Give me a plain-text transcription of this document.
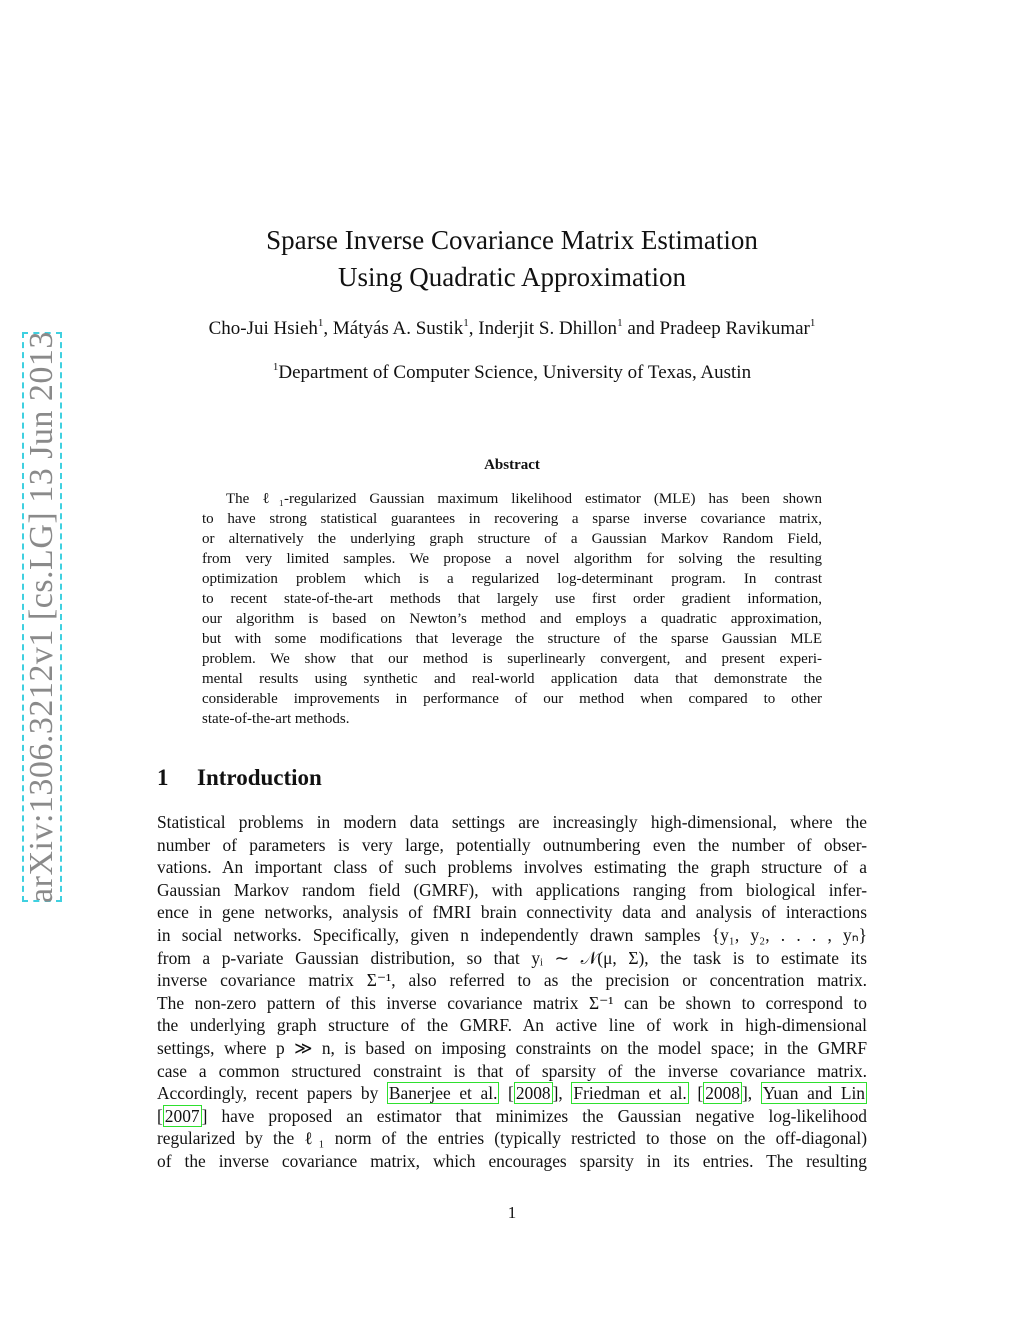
arXiv:1306.3212v1 [cs.LG] 13 Jun 2013
Sparse Inverse Covariance Matrix Estimation
Using Quadratic Approximation
Cho-Jui Hsieh$^1$, Mátyás A. Sustik$^1$, Inderjit S. Dhillon$^1$ and Pradeep Ravikumar$^1$
$^1$Department of Computer Science, University of Texas, Austin
Abstract
The ℓ₁-regularized Gaussian maximum likelihood estimator (MLE) has been shown
to have strong statistical guarantees in recovering a sparse inverse covariance matrix,
or alternatively the underlying graph structure of a Gaussian Markov Random Field,
from very limited samples. We propose a novel algorithm for solving the resulting
optimization problem which is a regularized log-determinant program. In contrast
to recent state-of-the-art methods that largely use first order gradient information,
our algorithm is based on Newton’s method and employs a quadratic approximation,
but with some modifications that leverage the structure of the sparse Gaussian MLE
problem. We show that our method is superlinearly convergent, and present experi-
mental results using synthetic and real-world application data that demonstrate the
considerable improvements in performance of our method when compared to other
state-of-the-art methods.
1 Introduction
Statistical problems in modern data settings are increasingly high-dimensional, where the
number of parameters is very large, potentially outnumbering even the number of obser-
vations. An important class of such problems involves estimating the graph structure of a
Gaussian Markov random field (GMRF), with applications ranging from biological infer-
ence in gene networks, analysis of fMRI brain connectivity data and analysis of interactions
in social networks. Specifically, given n independently drawn samples {y₁, y₂, . . . , yₙ}
from a p-variate Gaussian distribution, so that yᵢ ∼ 𝒩(μ, Σ), the task is to estimate its
inverse covariance matrix Σ⁻¹, also referred to as the precision or concentration matrix.
The non-zero pattern of this inverse covariance matrix Σ⁻¹ can be shown to correspond to
the underlying graph structure of the GMRF. An active line of work in high-dimensional
settings, where p ≫ n, is based on imposing constraints on the model space; in the GMRF
case a common structured constraint is that of sparsity of the inverse covariance matrix.
Accordingly, recent papers by Banerjee et al. [ 2008 ], Friedman et al. [ 2008 ], Yuan and Lin
[ 2007 ] have proposed an estimator that minimizes the Gaussian negative log-likelihood
regularized by the ℓ₁ norm of the entries (typically restricted to those on the off-diagonal)
of the inverse covariance matrix, which encourages sparsity in its entries. The resulting
1
